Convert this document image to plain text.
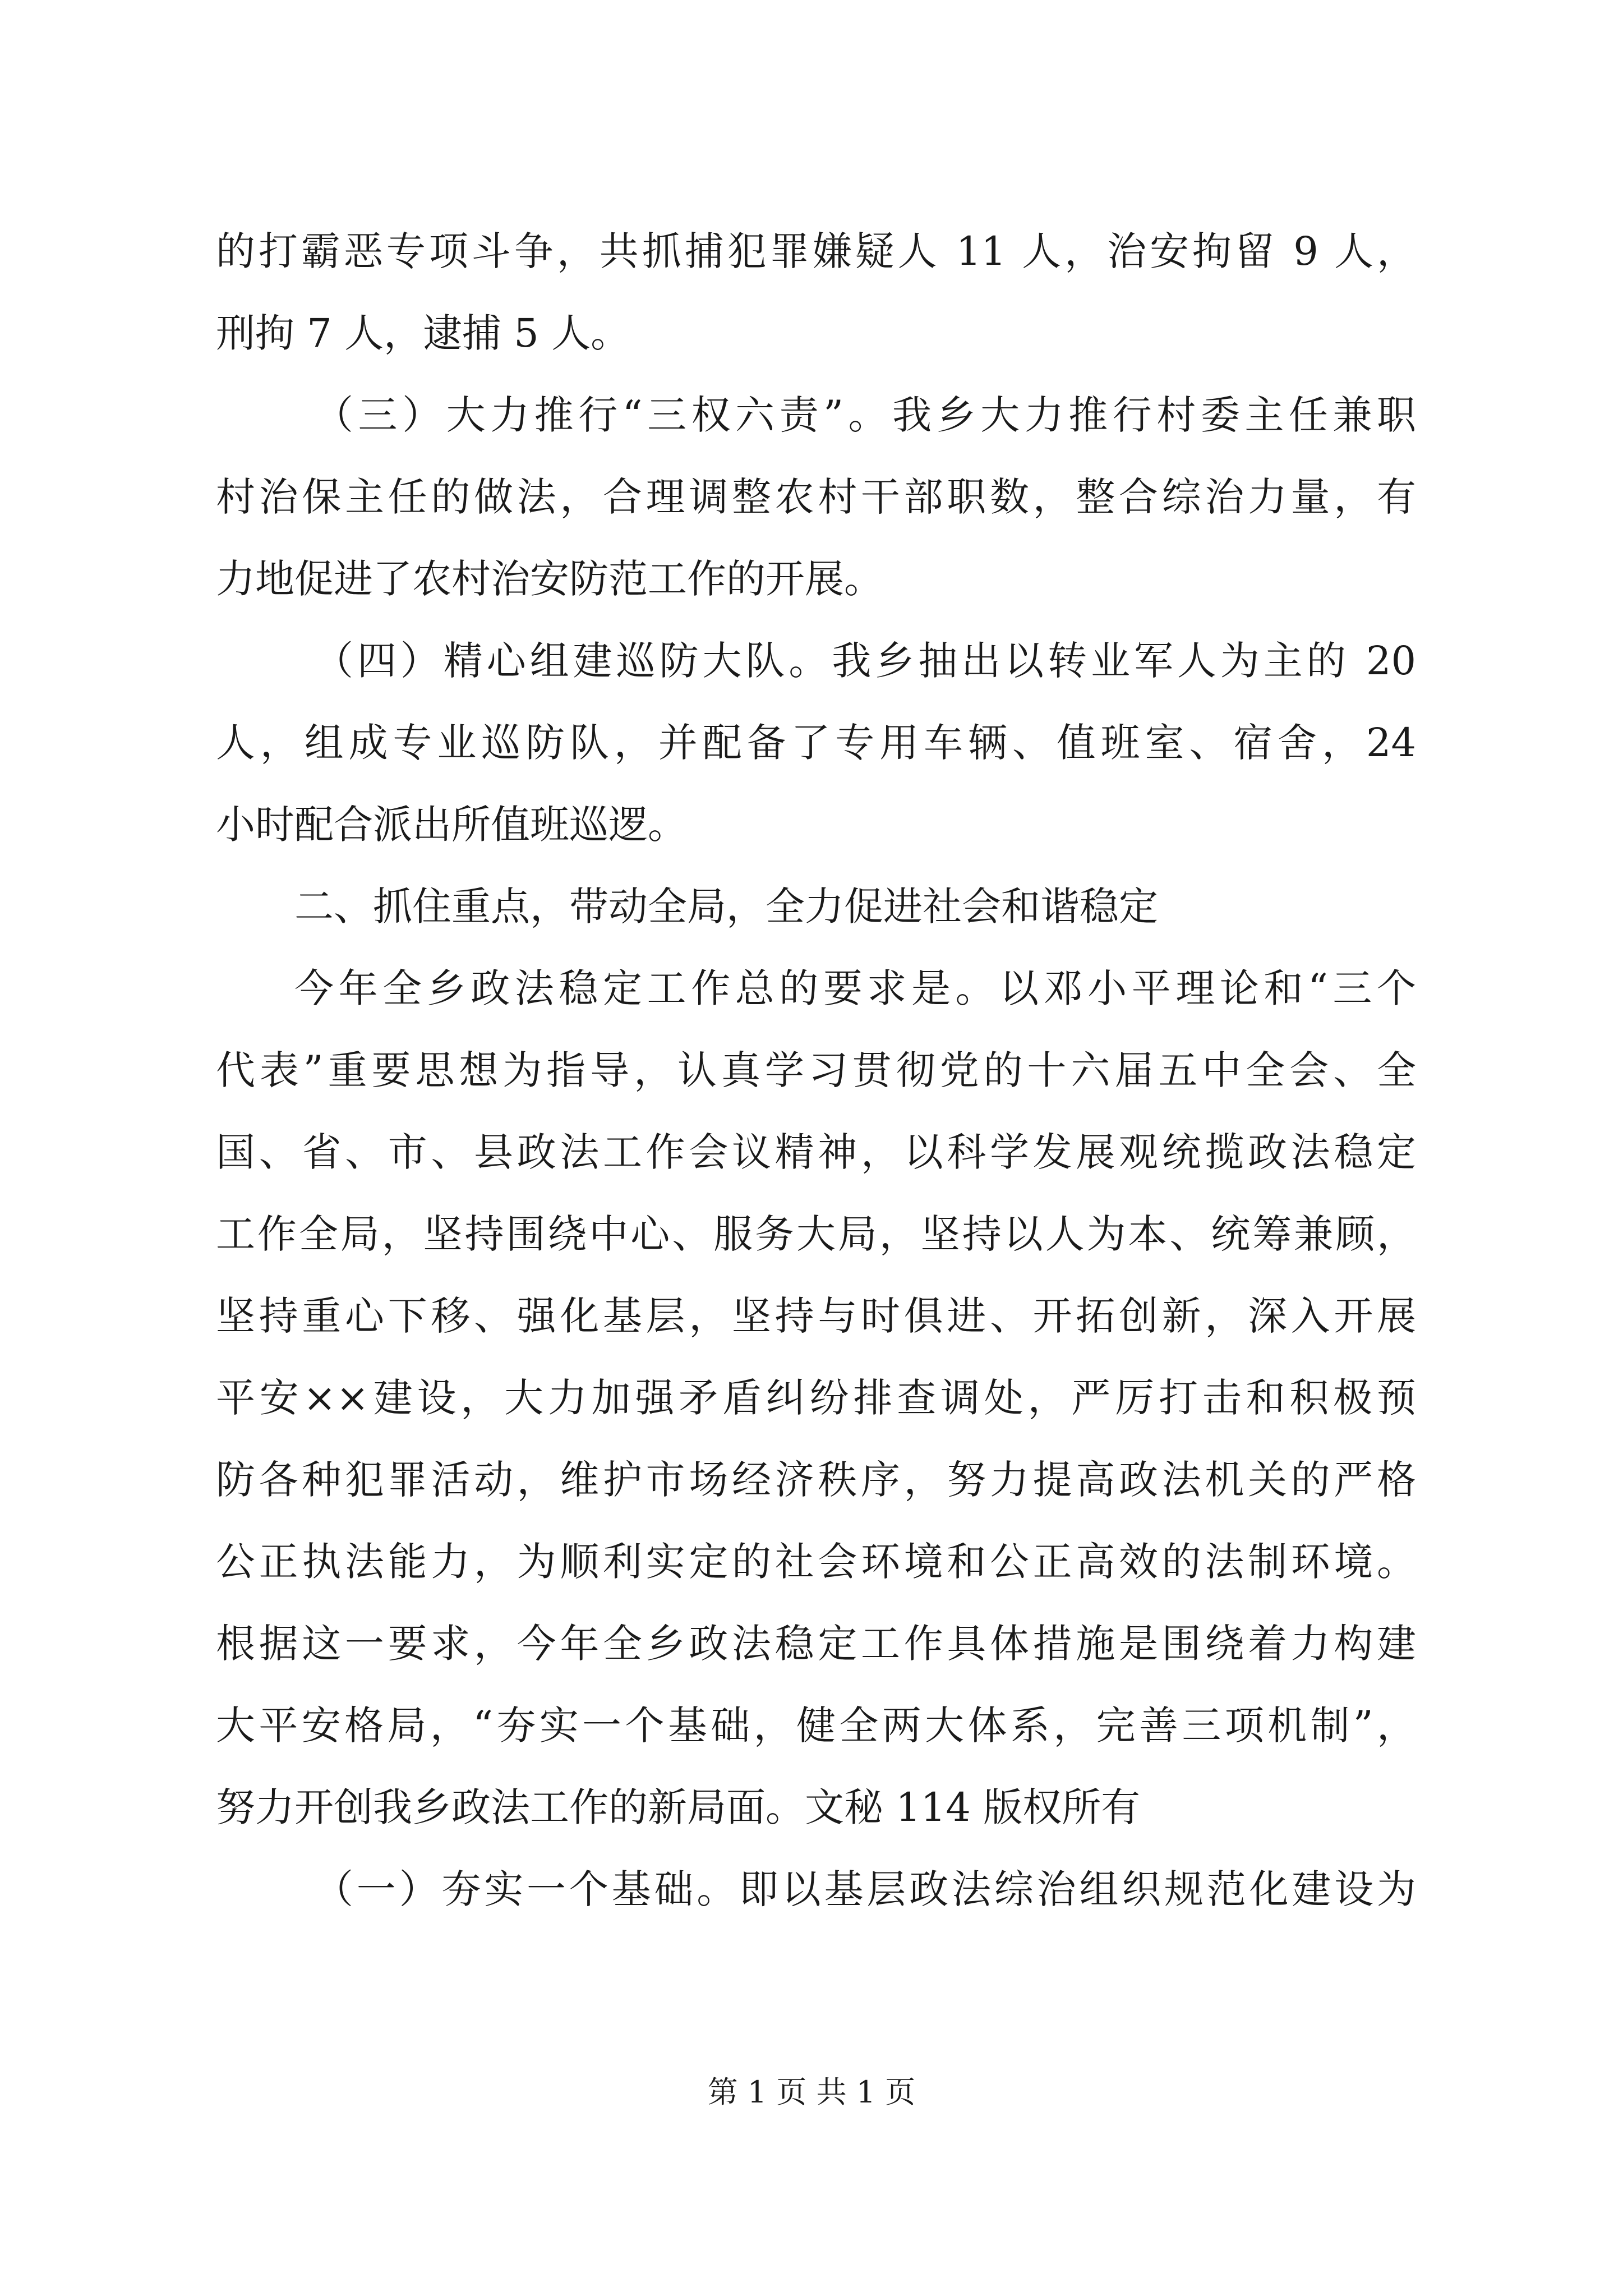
的打霸恶专项斗争，共抓捕犯罪嫌疑人 11 人，治安拘留 9 人，
刑拘 7 人，逮捕 5 人。
（三）大力推行“三权六责”。我乡大力推行村委主任兼职
村治保主任的做法，合理调整农村干部职数，整合综治力量，有
力地促进了农村治安防范工作的开展。
（四）精心组建巡防大队。我乡抽出以转业军人为主的 20
人，组成专业巡防队，并配备了专用车辆、值班室、宿舍，24
小时配合派出所值班巡逻。
二、抓住重点，带动全局，全力促进社会和谐稳定
今年全乡政法稳定工作总的要求是。以邓小平理论和“三个
代表”重要思想为指导，认真学习贯彻党的十六届五中全会、全
国、省、市、县政法工作会议精神，以科学发展观统揽政法稳定
工作全局，坚持围绕中心、服务大局，坚持以人为本、统筹兼顾，
坚持重心下移、强化基层，坚持与时俱进、开拓创新，深入开展
平安××建设，大力加强矛盾纠纷排查调处，严厉打击和积极预
防各种犯罪活动，维护市场经济秩序，努力提高政法机关的严格
公正执法能力，为顺利实定的社会环境和公正高效的法制环境。
根据这一要求，今年全乡政法稳定工作具体措施是围绕着力构建
大平安格局，“夯实一个基础，健全两大体系，完善三项机制”，
努力开创我乡政法工作的新局面。文秘 114 版权所有
（一）夯实一个基础。即以基层政法综治组织规范化建设为
第 1 页 共 1 页
